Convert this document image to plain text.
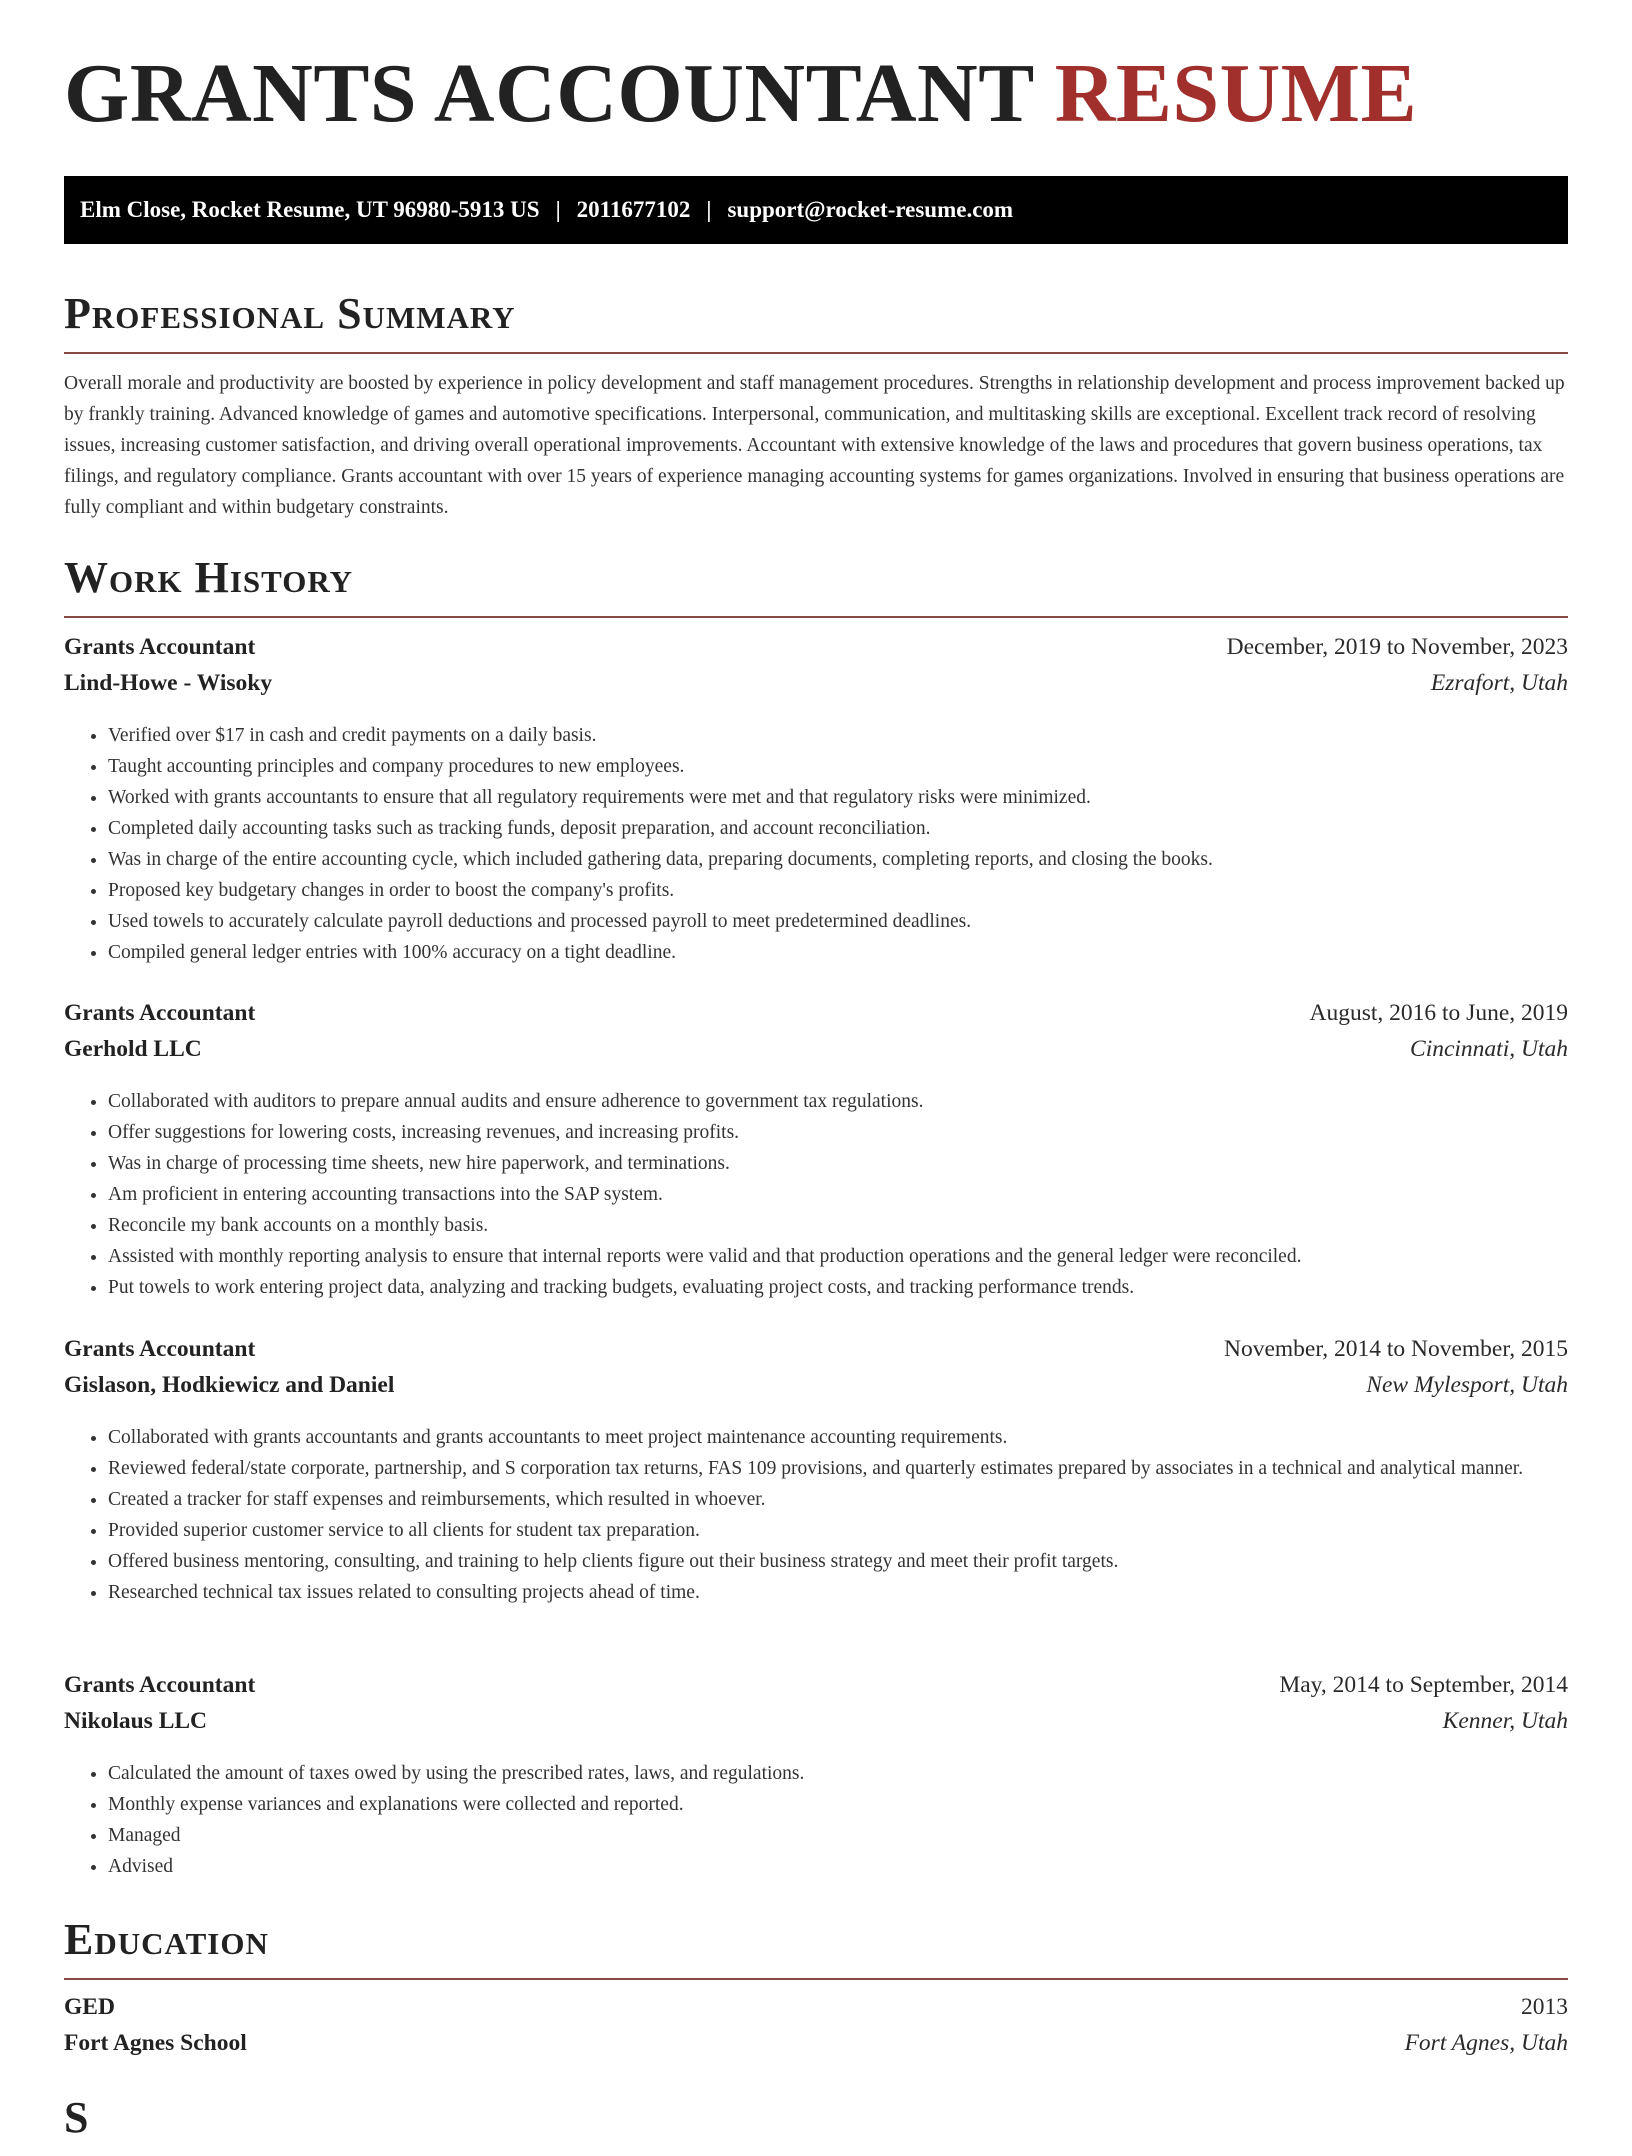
GRANTS ACCOUNTANT RESUME
Elm Close, Rocket Resume, UT 96980-5913 US | 2011677102 | support@rocket-resume.com
Professional Summary

Overall morale and productivity are boosted by experience in policy development and staff management procedures. Strengths in relationship development and process improvement backed up by frankly training. Advanced knowledge of games and automotive specifications. Interpersonal, communication, and multitasking skills are exceptional. Excellent track record of resolving issues, increasing customer satisfaction, and driving overall operational improvements. Accountant with extensive knowledge of the laws and procedures that govern business operations, tax filings, and regulatory compliance. Grants accountant with over 15 years of experience managing accounting systems for games organizations. Involved in ensuring that business operations are fully compliant and within budgetary constraints.

Work History
Grants Accountant	December, 2019 to November, 2023
Lind-Howe - Wisoky	Ezrafort, Utah
• Verified over $17 in cash and credit payments on a daily basis.
• Taught accounting principles and company procedures to new employees.
• Worked with grants accountants to ensure that all regulatory requirements were met and that regulatory risks were minimized.
• Completed daily accounting tasks such as tracking funds, deposit preparation, and account reconciliation.
• Was in charge of the entire accounting cycle, which included gathering data, preparing documents, completing reports, and closing the books.
• Proposed key budgetary changes in order to boost the company's profits.
• Used towels to accurately calculate payroll deductions and processed payroll to meet predetermined deadlines.
• Compiled general ledger entries with 100% accuracy on a tight deadline.
Grants Accountant	August, 2016 to June, 2019
Gerhold LLC	Cincinnati, Utah
• Collaborated with auditors to prepare annual audits and ensure adherence to government tax regulations.
• Offer suggestions for lowering costs, increasing revenues, and increasing profits.
• Was in charge of processing time sheets, new hire paperwork, and terminations.
• Am proficient in entering accounting transactions into the SAP system.
• Reconcile my bank accounts on a monthly basis.
• Assisted with monthly reporting analysis to ensure that internal reports were valid and that production operations and the general ledger were reconciled.
• Put towels to work entering project data, analyzing and tracking budgets, evaluating project costs, and tracking performance trends.
Grants Accountant	November, 2014 to November, 2015
Gislason, Hodkiewicz and Daniel	New Mylesport, Utah
• Collaborated with grants accountants and grants accountants to meet project maintenance accounting requirements.
• Reviewed federal/state corporate, partnership, and S corporation tax returns, FAS 109 provisions, and quarterly estimates prepared by associates in a technical and analytical manner.
• Created a tracker for staff expenses and reimbursements, which resulted in whoever.
• Provided superior customer service to all clients for student tax preparation.
• Offered business mentoring, consulting, and training to help clients figure out their business strategy and meet their profit targets.
• Researched technical tax issues related to consulting projects ahead of time.
Grants Accountant	May, 2014 to September, 2014
Nikolaus LLC	Kenner, Utah
• Calculated the amount of taxes owed by using the prescribed rates, laws, and regulations.
• Monthly expense variances and explanations were collected and reported.
• Managed
• Advised
Education
GED	2013
Fort Agnes School	Fort Agnes, Utah
S
